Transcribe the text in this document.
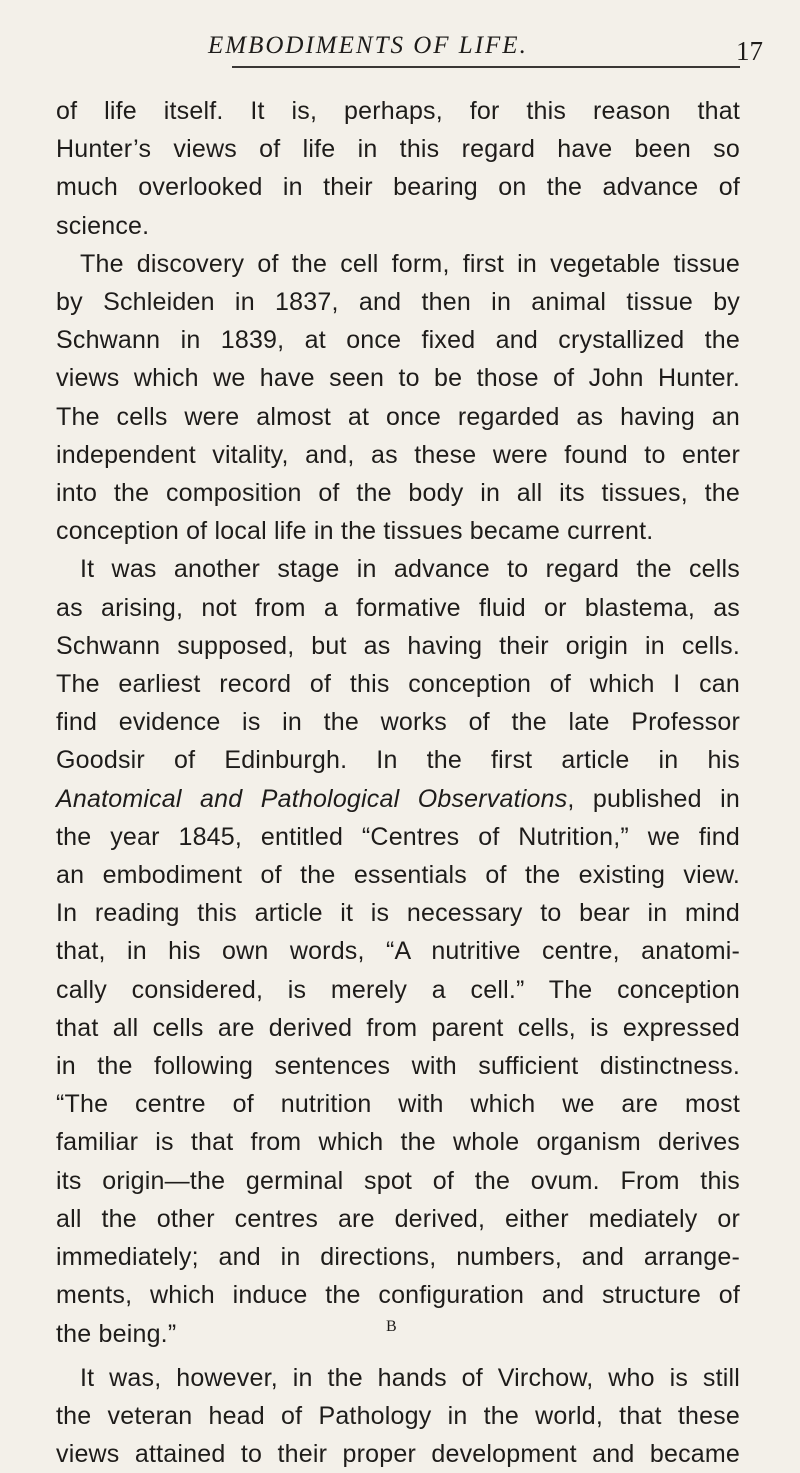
EMBODIMENTS OF LIFE.	17

of life itself. It is, perhaps, for this reason that
Hunter’s views of life in this regard have been so
much overlooked in their bearing on the advance of
science.

The discovery of the cell form, first in vegetable tissue
by Schleiden in 1837, and then in animal tissue by
Schwann in 1839, at once fixed and crystallized the
views which we have seen to be those of John Hunter.
The cells were almost at once regarded as having an
independent vitality, and, as these were found to enter
into the composition of the body in all its tissues, the
conception of local life in the tissues became current.

It was another stage in advance to regard the cells
as arising, not from a formative fluid or blastema, as
Schwann supposed, but as having their origin in cells.
The earliest record of this conception of which I can
find evidence is in the works of the late Professor
Goodsir of Edinburgh. In the first article in his
Anatomical and Pathological Observations, published in
the year 1845, entitled “Centres of Nutrition,” we find
an embodiment of the essentials of the existing view.
In reading this article it is necessary to bear in mind
that, in his own words, “A nutritive centre, anatomi-
cally considered, is merely a cell.” The conception
that all cells are derived from parent cells, is expressed
in the following sentences with sufficient distinctness.
“The centre of nutrition with which we are most
familiar is that from which the whole organism derives
its origin—the germinal spot of the ovum. From this
all the other centres are derived, either mediately or
immediately; and in directions, numbers, and arrange-
ments, which induce the configuration and structure of
the being.”

It was, however, in the hands of Virchow, who is still
the veteran head of Pathology in the world, that these
views attained to their proper development and became

B
